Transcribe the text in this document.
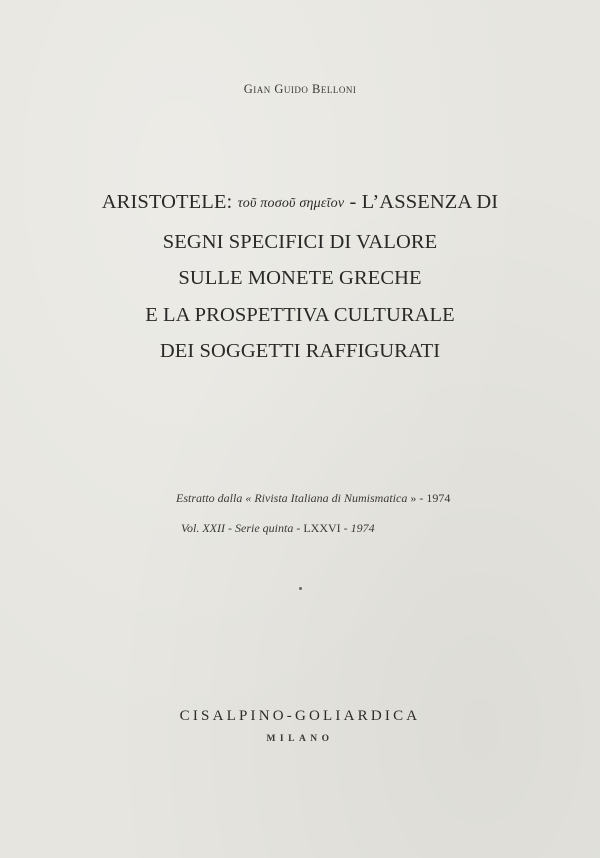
Gian Guido Belloni
ARISTOTELE: τοῦ ποσοῦ σημεῖον - L’ASSENZA DI
SEGNI SPECIFICI DI VALORE
SULLE MONETE GRECHE
E LA PROSPETTIVA CULTURALE
DEI SOGGETTI RAFFIGURATI
Estratto dalla « Rivista Italiana di Numismatica » - 1974
Vol. XXII - Serie quinta - LXXVI - 1974
CISALPINO-GOLIARDICA
MILANO
